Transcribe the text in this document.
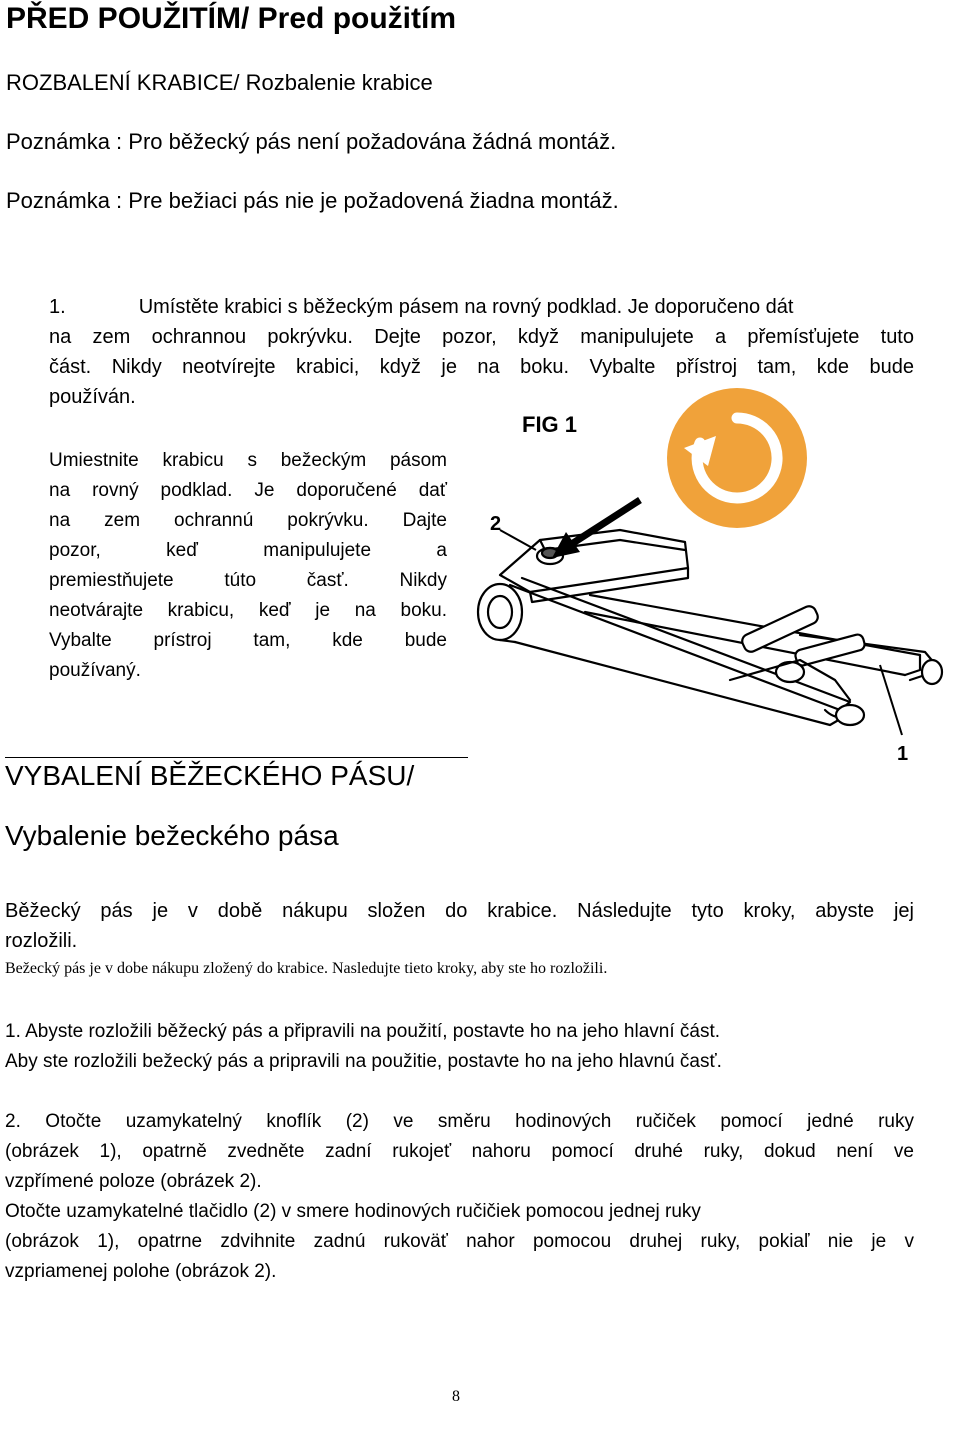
PŘED POUŽITÍM/ Pred použitím
ROZBALENÍ KRABICE/ Rozbalenie krabice
Poznámka : Pro běžecký pás není požadována žádná montáž.
Poznámka : Pre bežiaci pás nie je požadovená žiadna montáž.
1.	Umístěte krabici s běžeckým pásem na rovný podklad. Je doporučeno dát
na zem ochrannou pokrývku. Dejte pozor, když manipulujete a přemísťujete tuto
část. Nikdy neotvírejte krabici, když je na boku. Vybalte přístroj tam, kde bude
používán.
Umiestnite krabicu s bežeckým pásom
na rovný podklad. Je doporučené dať
na zem ochrannú pokrývku. Dajte
pozor, keď manipulujete a
premiestňujete túto časť. Nikdy
neotvárajte krabicu, keď je na boku.
Vybalte prístroj tam, kde bude
používaný.
FIG 1
2
1
VYBALENÍ BĚŽECKÉHO PÁSU/
Vybalenie bežeckého pása
Běžecký pás je v době nákupu složen do krabice. Následujte tyto kroky, abyste jej
rozložili.
Bežecký pás je v dobe nákupu zložený do krabice. Nasledujte tieto kroky, aby ste ho rozložili.
1. Abyste rozložili běžecký pás a připravili na použití, postavte ho na jeho hlavní část.
Aby ste rozložili bežecký pás a pripravili na použitie, postavte ho na jeho hlavnú časť.
2. Otočte uzamykatelný knoflík (2) ve směru hodinových ručiček pomocí jedné ruky
(obrázek 1), opatrně zvedněte zadní rukojeť nahoru pomocí druhé ruky, dokud není ve
vzpřímené poloze (obrázek 2).
Otočte uzamykatelné tlačidlo (2) v smere hodinových ručičiek pomocou jednej ruky
(obrázok 1), opatrne zdvihnite zadnú rukoväť nahor pomocou druhej ruky, pokiaľ nie je v
vzpriamenej polohe (obrázok 2).
8
